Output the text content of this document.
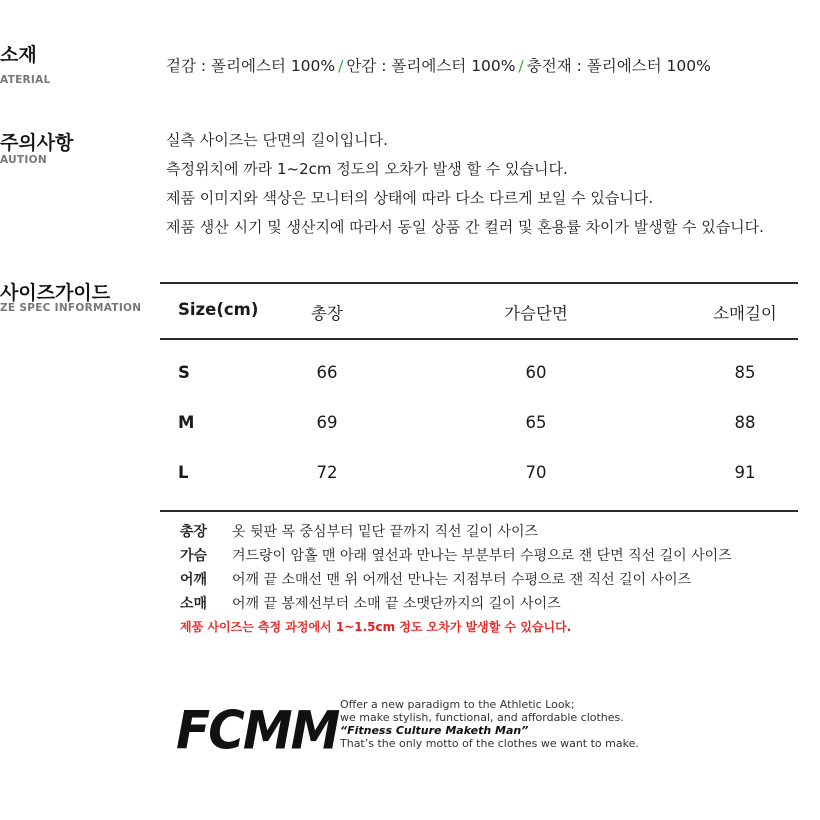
소재
ATERIAL
겉감 : 폴리에스터 100% / 안감 : 폴리에스터 100% / 충전재 : 폴리에스터 100%
주의사항
AUTION
실측 사이즈는 단면의 길이입니다.
측정위치에 까라 1~2cm 정도의 오차가 발생 할 수 있습니다.
제품 이미지와 색상은 모니터의 상태에 따라 다소 다르게 보일 수 있습니다.
제품 생산 시기 및 생산지에 따라서 동일 상품 간 컬러 및 혼용률 차이가 발생할 수 있습니다.
사이즈가이드
ZE SPEC INFORMATION Size(cm)	총장	가슴단면	소매길이
S	66	60	85
M	69	65	88
L	72	70	91
총장 옷 뒷판 목 중심부터 밑단 끝까지 직선 길이 사이즈
가슴 겨드랑이 암홀 맨 아래 옆선과 만나는 부분부터 수평으로 잰 단면 직선 길이 사이즈
어깨 어깨 끝 소매선 맨 위 어깨선 만나는 지점부터 수평으로 잰 직선 길이 사이즈
소매 어깨 끝 봉제선부터 소매 끝 소맷단까지의 길이 사이즈
제품 사이즈는 측정 과정에서 1~1.5cm 정도 오차가 발생할 수 있습니다.
FCMM Offer a new paradigm to the Athletic Look;
we make stylish, functional, and affordable clothes.
“Fitness Culture Maketh Man”
That’s the only motto of the clothes we want to make.
